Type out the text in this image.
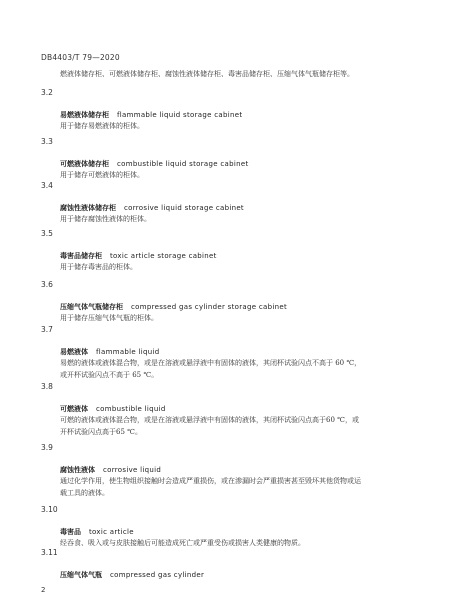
DB4403/T 79—2020
燃液体储存柜、可燃液体储存柜、腐蚀性液体储存柜、毒害品储存柜、压缩气体气瓶储存柜等。
3.2
易燃液体储存柜 flammable liquid storage cabinet
用于储存易燃液体的柜体。
3.3
可燃液体储存柜 combustible liquid storage cabinet
用于储存可燃液体的柜体。
3.4
腐蚀性液体储存柜 corrosive liquid storage cabinet
用于储存腐蚀性液体的柜体。
3.5
毒害品储存柜 toxic article storage cabinet
用于储存毒害品的柜体。
3.6
压缩气体气瓶储存柜 compressed gas cylinder storage cabinet
用于储存压缩气体气瓶的柜体。
3.7
易燃液体 flammable liquid
易燃的液体或液体混合物，或是在溶液或悬浮液中有固体的液体，其闭杯试验闪点不高于 60 ℃，
或开杯试验闪点不高于 65 ℃。
3.8
可燃液体 combustible liquid
可燃的液体或液体混合物，或是在溶液或悬浮液中有固体的液体，其闭杯试验闪点高于60 ℃，或
开杯试验闪点高于65 ℃。
3.9
腐蚀性液体 corrosive liquid
通过化学作用，使生物组织接触时会造成严重损伤，或在渗漏时会严重损害甚至毁坏其他货物或运
载工具的液体。
3.10
毒害品 toxic article
经吞食、吸入或与皮肤接触后可能造成死亡或严重受伤或损害人类健康的物质。
3.11
压缩气体气瓶 compressed gas cylinder
2
